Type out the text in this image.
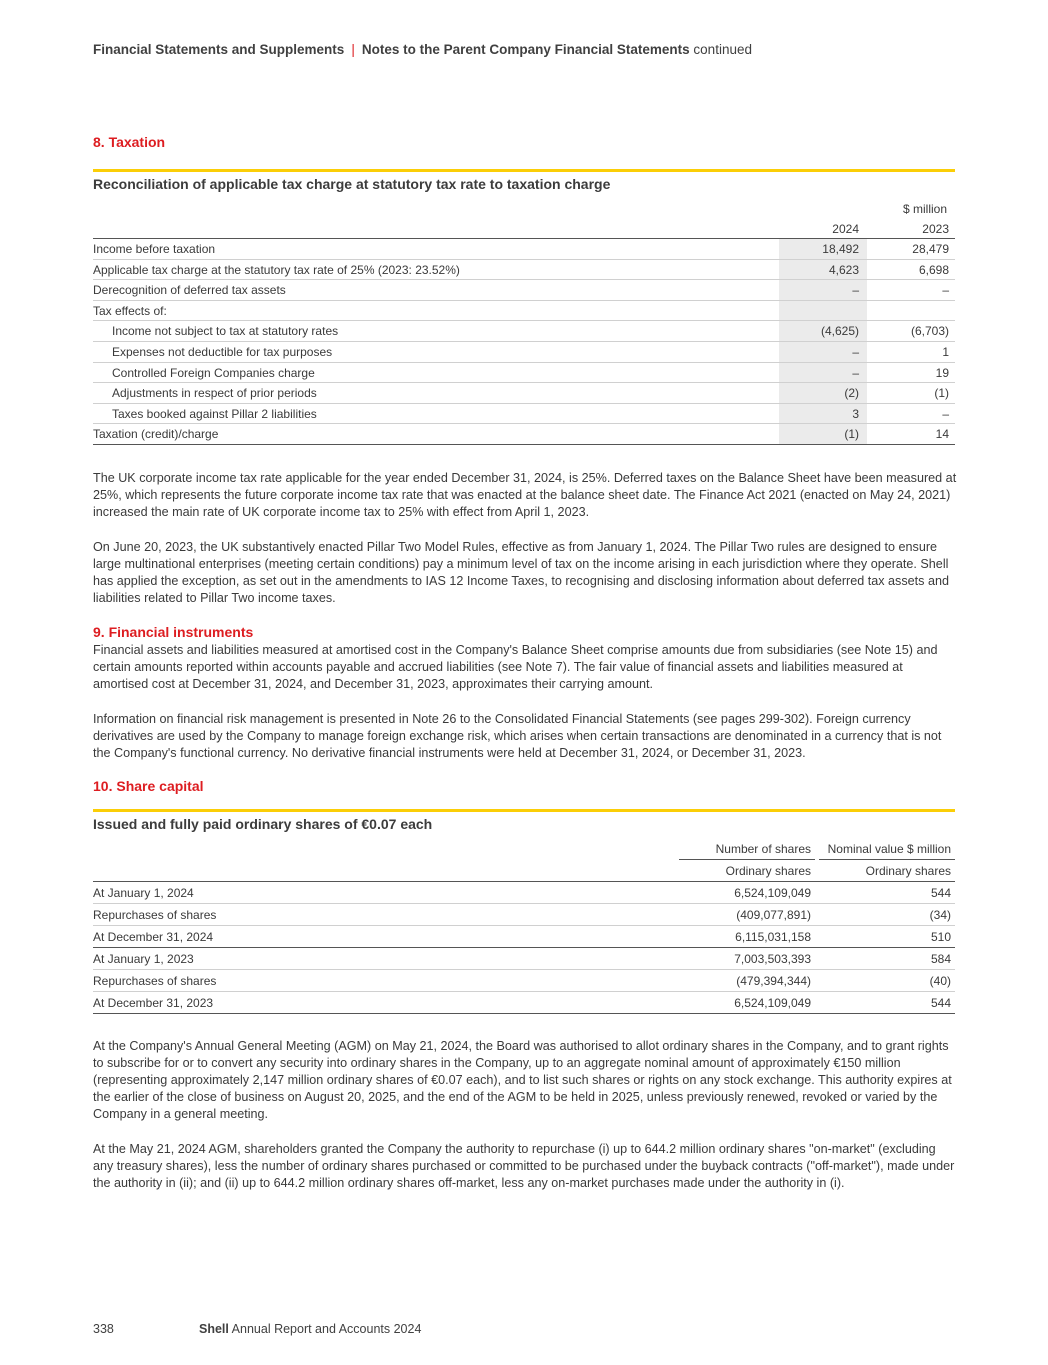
Financial Statements and Supplements | Notes to the Parent Company Financial Statements continued
8. Taxation
Reconciliation of applicable tax charge at statutory tax rate to taxation charge
$ million
2024	2023
Income before taxation	18,492	28,479
Applicable tax charge at the statutory tax rate of 25% (2023: 23.52%)	4,623	6,698
Derecognition of deferred tax assets	–	–
Tax effects of:
Income not subject to tax at statutory rates	(4,625)	(6,703)
Expenses not deductible for tax purposes	–	1
Controlled Foreign Companies charge	–	19
Adjustments in respect of prior periods	(2)	(1)
Taxes booked against Pillar 2 liabilities	3	–
Taxation (credit)/charge	(1)	14
The UK corporate income tax rate applicable for the year ended December 31, 2024, is 25%. Deferred taxes on the Balance Sheet have been measured at 25%, which represents the future corporate income tax rate that was enacted at the balance sheet date. The Finance Act 2021 (enacted on May 24, 2021) increased the main rate of UK corporate income tax to 25% with effect from April 1, 2023.
On June 20, 2023, the UK substantively enacted Pillar Two Model Rules, effective as from January 1, 2024. The Pillar Two rules are designed to ensure large multinational enterprises (meeting certain conditions) pay a minimum level of tax on the income arising in each jurisdiction where they operate. Shell has applied the exception, as set out in the amendments to IAS 12 Income Taxes, to recognising and disclosing information about deferred tax assets and liabilities related to Pillar Two income taxes.
9. Financial instruments
Financial assets and liabilities measured at amortised cost in the Company's Balance Sheet comprise amounts due from subsidiaries (see Note 15) and certain amounts reported within accounts payable and accrued liabilities (see Note 7). The fair value of financial assets and liabilities measured at amortised cost at December 31, 2024, and December 31, 2023, approximates their carrying amount.
Information on financial risk management is presented in Note 26 to the Consolidated Financial Statements (see pages 299-302). Foreign currency derivatives are used by the Company to manage foreign exchange risk, which arises when certain transactions are denominated in a currency that is not the Company's functional currency. No derivative financial instruments were held at December 31, 2024, or December 31, 2023.
10. Share capital
Issued and fully paid ordinary shares of €0.07 each
Number of shares	Nominal value $ million
Ordinary shares	Ordinary shares
At January 1, 2024	6,524,109,049	544
Repurchases of shares	(409,077,891)	(34)
At December 31, 2024	6,115,031,158	510
At January 1, 2023	7,003,503,393	584
Repurchases of shares	(479,394,344)	(40)
At December 31, 2023	6,524,109,049	544
At the Company's Annual General Meeting (AGM) on May 21, 2024, the Board was authorised to allot ordinary shares in the Company, and to grant rights to subscribe for or to convert any security into ordinary shares in the Company, up to an aggregate nominal amount of approximately €150 million (representing approximately 2,147 million ordinary shares of €0.07 each), and to list such shares or rights on any stock exchange. This authority expires at the earlier of the close of business on August 20, 2025, and the end of the AGM to be held in 2025, unless previously renewed, revoked or varied by the Company in a general meeting.
At the May 21, 2024 AGM, shareholders granted the Company the authority to repurchase (i) up to 644.2 million ordinary shares "on-market" (excluding any treasury shares), less the number of ordinary shares purchased or committed to be purchased under the buyback contracts ("off-market"), made under the authority in (ii); and (ii) up to 644.2 million ordinary shares off-market, less any on-market purchases made under the authority in (i).
338	Shell Annual Report and Accounts 2024
